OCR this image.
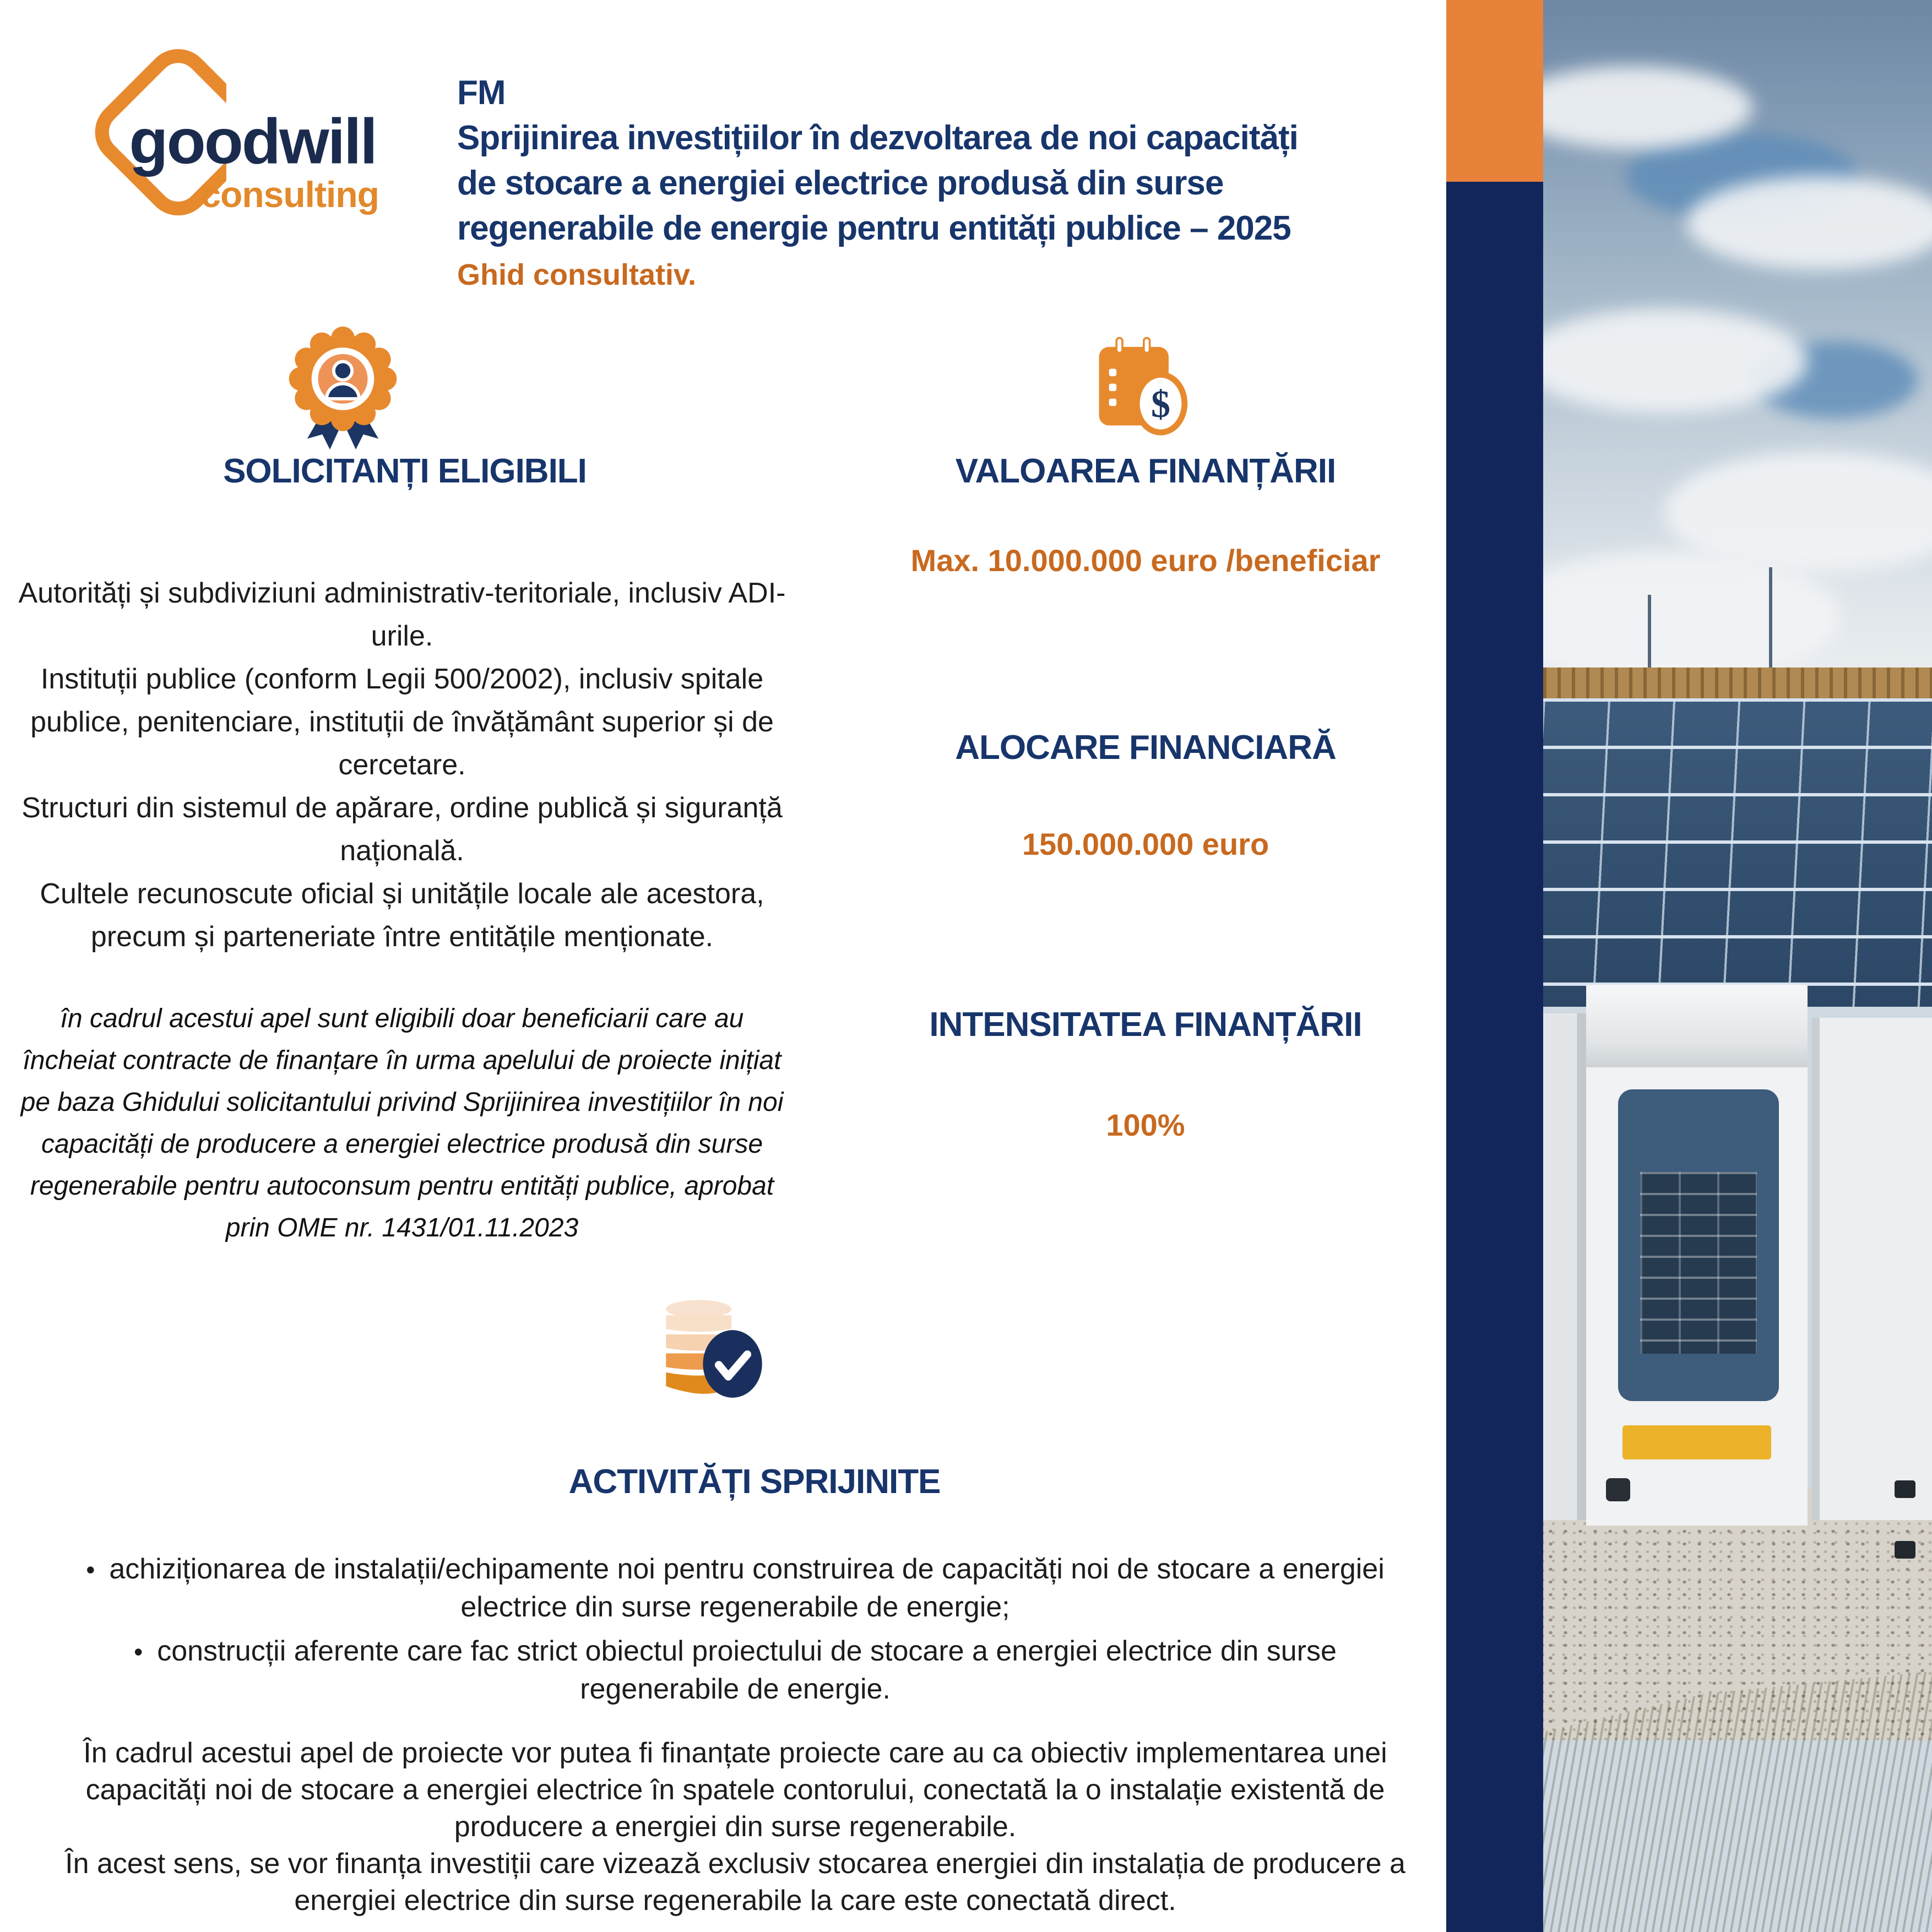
goodwill
consulting
FM
Sprijinirea investițiilor în dezvoltarea de noi capacități
de stocare a energiei electrice produsă din surse
regenerabile de energie pentru entități publice – 2025
Ghid consultativ.
SOLICITANȚI ELIGIBILI

Autorități și subdiviziuni administrativ-teritoriale, inclusiv ADI-urile.

Instituții publice (conform Legii 500/2002), inclusiv spitale publice, penitenciare, instituții de învățământ superior și de cercetare.

Structuri din sistemul de apărare, ordine publică și siguranță națională.

Cultele recunoscute oficial și unitățile locale ale acestora, precum și parteneriate între entitățile menționate.

în cadrul acestui apel sunt eligibili doar beneficiarii care au încheiat contracte de finanțare în urma apelului de proiecte inițiat pe baza Ghidului solicitantului privind Sprijinirea investițiilor în noi capacități de producere a energiei electrice produsă din surse regenerabile pentru autoconsum pentru entități publice, aprobat prin OME nr. 1431/01.11.2023
$
VALOAREA FINANȚĂRII
Max. 10.000.000 euro /beneficiar
ALOCARE FINANCIARĂ
150.000.000 euro
INTENSITATEA FINANȚĂRII
100%
ACTIVITĂȚI SPRIJINITE

• achiziționarea de instalații/echipamente noi pentru construirea de capacități noi de stocare a energiei electrice din surse regenerabile de energie;

• construcții aferente care fac strict obiectul proiectului de stocare a energiei electrice din surse regenerabile de energie.

În cadrul acestui apel de proiecte vor putea fi finanțate proiecte care au ca obiectiv implementarea unei capacități noi de stocare a energiei electrice în spatele contorului, conectată la o instalație existentă de producere a energiei din surse regenerabile.

În acest sens, se vor finanța investiții care vizează exclusiv stocarea energiei din instalația de producere a energiei electrice din surse regenerabile la care este conectată direct.
